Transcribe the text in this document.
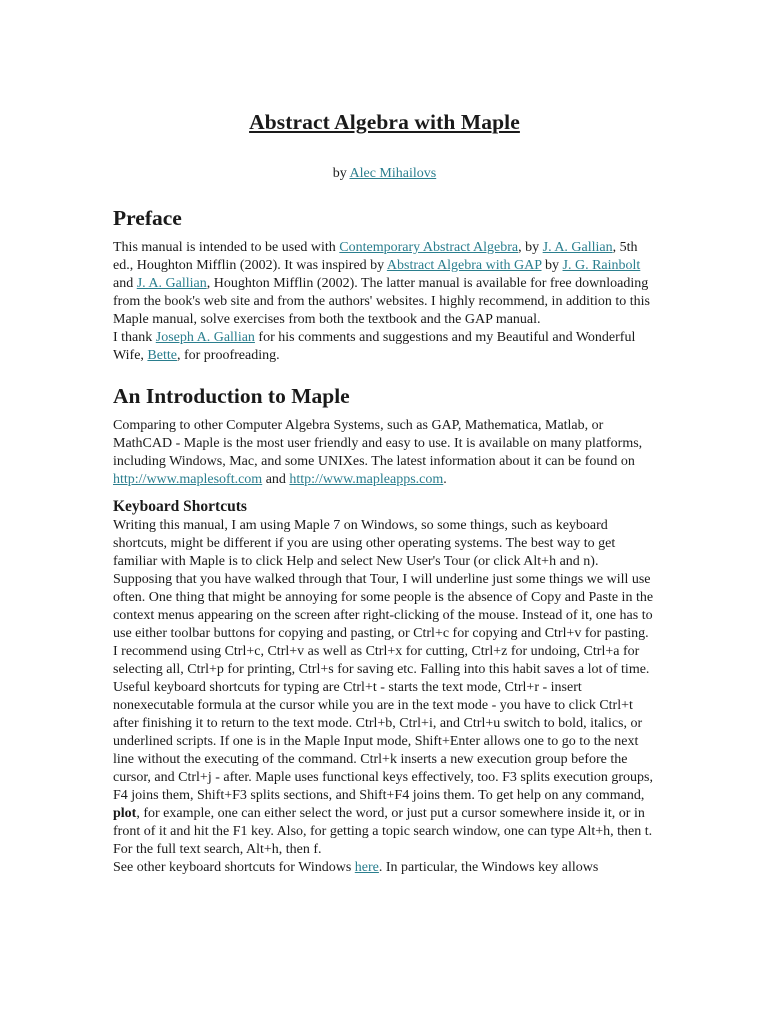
Abstract Algebra with Maple

by Alec Mihailovs

Preface

This manual is intended to be used with Contemporary Abstract Algebra, by J. A. Gallian, 5th ed., Houghton Mifflin (2002). It was inspired by Abstract Algebra with GAP by J. G. Rainbolt and J. A. Gallian, Houghton Mifflin (2002). The latter manual is available for free downloading from the book's web site and from the authors' websites. I highly recommend, in addition to this Maple manual, solve exercises from both the textbook and the GAP manual.

I thank Joseph A. Gallian for his comments and suggestions and my Beautiful and Wonderful Wife, Bette, for proofreading.

An Introduction to Maple

Comparing to other Computer Algebra Systems, such as GAP, Mathematica, Matlab, or MathCAD - Maple is the most user friendly and easy to use. It is available on many platforms, including Windows, Mac, and some UNIXes. The latest information about it can be found on http://www.maplesoft.com and http://www.mapleapps.com.

Keyboard Shortcuts

Writing this manual, I am using Maple 7 on Windows, so some things, such as keyboard shortcuts, might be different if you are using other operating systems. The best way to get familiar with Maple is to click Help and select New User's Tour (or click Alt+h and n). Supposing that you have walked through that Tour, I will underline just some things we will use often. One thing that might be annoying for some people is the absence of Copy and Paste in the context menus appearing on the screen after right-clicking of the mouse. Instead of it, one has to use either toolbar buttons for copying and pasting, or Ctrl+c for copying and Ctrl+v for pasting. I recommend using Ctrl+c, Ctrl+v as well as Ctrl+x for cutting, Ctrl+z for undoing, Ctrl+a for selecting all, Ctrl+p for printing, Ctrl+s for saving etc. Falling into this habit saves a lot of time.

Useful keyboard shortcuts for typing are Ctrl+t - starts the text mode, Ctrl+r - insert nonexecutable formula at the cursor while you are in the text mode - you have to click Ctrl+t after finishing it to return to the text mode. Ctrl+b, Ctrl+i, and Ctrl+u switch to bold, italics, or underlined scripts. If one is in the Maple Input mode, Shift+Enter allows one to go to the next line without the executing of the command. Ctrl+k inserts a new execution group before the cursor, and Ctrl+j - after. Maple uses functional keys effectively, too. F3 splits execution groups, F4 joins them, Shift+F3 splits sections, and Shift+F4 joins them. To get help on any command, plot, for example, one can either select the word, or just put a cursor somewhere inside it, or in front of it and hit the F1 key. Also, for getting a topic search window, one can type Alt+h, then t. For the full text search, Alt+h, then f.

See other keyboard shortcuts for Windows here. In particular, the Windows key allows
